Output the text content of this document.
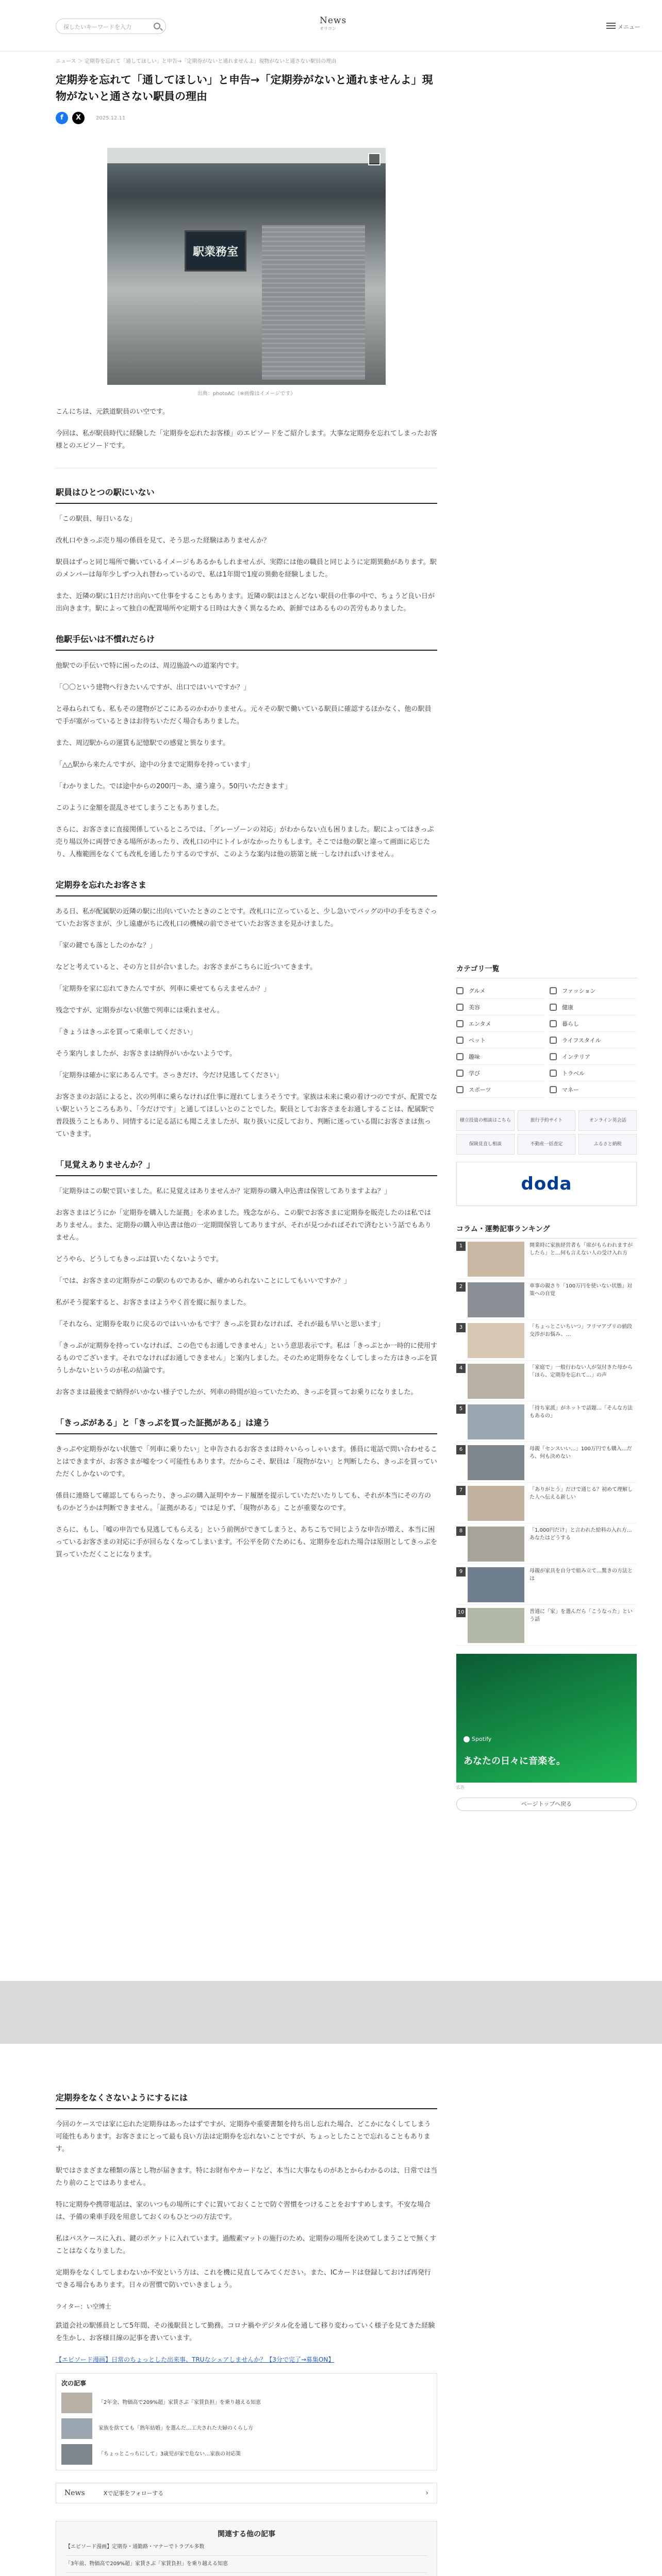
探したいキーワードを入力
News
オリコン	メニュー
ニュース ＞ 定期券を忘れて「通してほしい」と申告→「定期券がないと通れませんよ」現物がないと通さない駅員の理由
定期券を忘れて「通してほしい」と申告→「定期券がないと通れませんよ」現物がないと通さない駅員の理由
f	X	2025.12.11
駅業務室
出典：photoAC（※画像はイメージです）

こんにちは、元鉄道駅員のい空です。

今回は、私が駅員時代に経験した「定期券を忘れたお客様」のエピソードをご紹介します。大事な定期券を忘れてしまったお客様とのエピソードです。

駅員はひとつの駅にいない

「この駅員、毎日いるな」

改札口やきっぷ売り場の係員を見て、そう思った経験はありませんか？

駅員はずっと同じ場所で働いているイメージもあるかもしれませんが、実際には他の職員と同じように定期異動があります。駅のメンバーは毎年少しずつ入れ替わっているので、私は1年間で1度の異動を経験しました。

また、近隣の駅に1日だけ出向いて仕事をすることもあります。近隣の駅はほとんどない駅員の仕事の中で、ちょうど良い日が出向きます。駅によって独自の配置場所や定期する日時は大きく異なるため、新鮮ではあるものの苦労もありました。

他駅手伝いは不慣れだらけ

他駅での手伝いで特に困ったのは、周辺施設への道案内です。

「〇〇という建物へ行きたいんですが、出口ではいいですか？」

と尋ねられても、私もその建物がどこにあるのかわかりません。元々その駅で働いている駅員に確認するほかなく、他の駅員で手が塞がっているときはお待ちいただく場合もありました。

また、周辺駅からの運賃も記憶駅での感覚と異なります。

「△△駅から来たんですが、途中の分まで定期券を持っています」

「わかりました。では途中からの200円～あ、違う違う。50円いただきます」

このように金額を混乱させてしまうこともありました。

さらに、お客さまに直接関係しているところでは、「グレーゾーンの対応」がわからない点も困りました。駅によってはきっぷ売り場以外に両替できる場所があったり、改札口の中にトイレがなかったりもします。そこでは他の駅と違って画面に応じたり、人権範囲をなくても改札を通したりするのですが、このような案内は他の筋第と統一しなければいけません。

定期券を忘れたお客さま

ある日、私が配属駅の近隣の駅に出向いていたときのことです。改札口に立っていると、少し急いでバッグの中の手をちさぐっていたお客さまが、少し遠慮がちに改札口の機械の前でさせていたお客さまを見かけました。

「家の鍵でも落としたのかな？」

などと考えていると、その方と目が合いました。お客さまがこちらに近づいてきます。

「定期券を家に忘れてきたんですが、列車に乗せてもらえませんか？」

残念ですが、定期券がない状態で列車には乗れません。

「きょうはきっぷを買って乗車してください」

そう案内しましたが、お客さまは納得がいかないようです。

「定期券は確かに家にあるんです。さっきだけ、今だけ見逃してください」

お客さまのお話によると、次の列車に乗らなければ仕事に遅れてしまうそうです。家族は未来に乗の着けつのですが、配置でない駅というところもあり、「今だけです」と通してほしいとのことでした。駅員としてお客さまをお通しすることは、配属駅で普段扱うこともあり、同情するに足る話にも聞こえましたが、取り扱いに反しており、判断に迷っている間にお客さまは焦っていきます。

「見覚えありませんか？」

「定期券はこの駅で買いました。私に見覚えはありませんか？定期券の購入申込書は保管してありますよね？」

お客さまはどうにか「定期券を購入した証拠」を求めました。残念ながら、この駅でお客さまに定期券を販売したのは私ではありません。また、定期券の購入申込書は他の一定期間保管してありますが、それが見つかればそれで済むという話でもありません。

どうやら、どうしてもきっぷは買いたくないようです。

「では、お客さまの定期券がこの駅のものであるか、確かめられないことにしてもいいですか？」

私がそう提案すると、お客さまはようやく首を縦に振りました。

「それなら、定期券を取りに戻るのではいいかもです？きっぷを買わなければ、それが最も早いと思います」

「きっぷが定期券を持っていなければ、この色でもお通しできません」という意思表示です。私は「きっぷとか一時的に使用するものでございます。それでなければお通しできません」と案内しました。そのため定期券をなくしてしまった方はきっぷを買うしかないというのが私の結論です。

お客さまは最後まで納得がいかない様子でしたが、列車の時間が迫っていたため、きっぷを買ってお乗りになりました。

「きっぷがある」と「きっぷを買った証拠がある」は違う

きっぷや定期券がない状態で「列車に乗りたい」と申告されるお客さまは時々いらっしゃいます。係員に電話で問い合わせることはできますが、お客さまが嘘をつく可能性もあります。だからこそ、駅員は「現物がない」と判断したら、きっぷを買っていただくしかないのです。

係員に連絡して確認してもらったり、きっぷの購入証明やカード履歴を提示していただいたりしても、それが本当にその方のものかどうかは判断できません。「証拠がある」では足りず、「現物がある」ことが重要なのです。

さらに、もし、「嘘の申告でも見逃してもらえる」という前例ができてしまうと、あちこちで同じような申告が増え、本当に困っているお客さまの対応に手が回らなくなってしまいます。不公平を防ぐためにも、定期券を忘れた場合は原則としてきっぷを買っていただくことになります。

カテゴリ一覧
グルメ	ファッション
美容	健康
エンタメ	暮らし
ペット	ライフスタイル
趣味	インテリア
学び	トラベル
スポーツ	マネー
積立投資の相談はこちら	旅行予約サイト	オンライン英会話
保険見直し相談	不動産一括査定	ふるさと納税
doda
コラム・運勢記事ランキング
1	開業時に家族経営者も「席がもらわれますがしたら」と…何も言えない人の受け入れ方
2	車事の親さり「100万円を使いない状態」対策への自覚
3	「ちょっとこいちいつ」フリマアプリの値段交渉がお悩み、…
4	「家庭で」一般行わない人が気付きた母から「ほら、定期券を忘れて…」の声
5	「持ち家派」がネットで話題…「そんな方法もあるの」
6	母親「センスいい…」100万円でも購入…だろ、何も決めない
7	「ありがとう」だけで通じる？初めて理解した人へ伝える新しい
8	「1,000円だけ」と言われた給料の入れ方…あなたはどうする
9	母親が家具を自分で組み立て…驚きの方法とは
10	普通に「家」を選んだら「こうなった」という話
Spotify
あなたの日々に音楽を。
広告
ページトップへ戻る
定期券をなくさないようにするには

今回のケースでは家に忘れた定期券はあったはずですが、定期券や重要書類を持ち出し忘れた場合、どこかになくしてしまう可能性もあります。お客さまにとって最も良い方法は定期券を忘れないことですが、ちょっとしたことで忘れることもあります。

駅ではさまざまな種類の落とし物が届きます。特にお財布やカードなど、本当に大事なものがあとからわかるのは、日常では当たり前のことではありません。

特に定期券や携帯電話は、家のいつもの場所にすぐに置いておくことで防ぐ習慣をつけることをおすすめします。不安な場合は、予備の乗車手段を用意しておくのもひとつの方法です。

私はパスケースに入れ、鍵のポケットに入れています。過酸素マットの施行のため、定期券の場所を決めてしまうことで無くすことはなくなりました。

定期券をなくしてしまわないか不安という方は、これを機に見直してみてください。また、ICカードは登録しておけば再発行できる場合もあります。日々の習慣で防いでいきましょう。

ライター：い空博士

鉄道会社の駅係員として5年間、その後駅員として勤務。コロナ禍やデジタル化を通して移り変わっていく様子を見てきた経験を生かし、お客様目線の記事を書いています。

【エピソード漫画】日常のちょっとした出来事、TRUなシェアしませんか？【3分で完了→募集ON】
次の記事
「2年金、物価高で209%超」家賃さぶ「家賃負担」を乗り越える知恵
家族を捨てても「熟年結婚」を選んだ…工夫された夫婦のくらし方
「ちょっとこっちにして」3歳児が家で危ない…家族の対応策
News	Xで記事をフォローする	›
関連する他の記事
【エピソード漫画】定期券・通勤路・マナーでトラブル多数
「3年前、物価高で209%超」家賃さぶ「家賃負担」を乗り越える知恵
